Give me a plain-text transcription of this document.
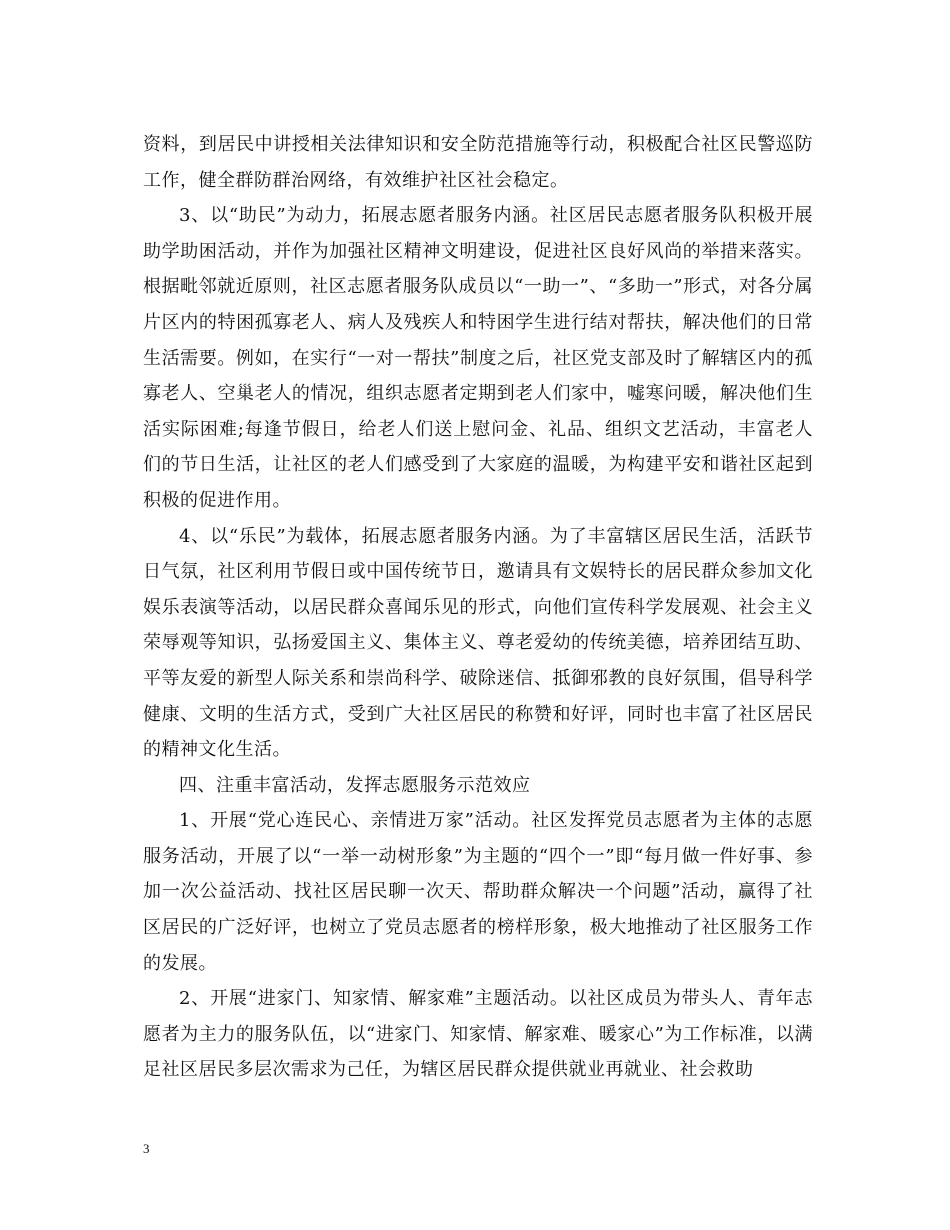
资料，到居民中讲授相关法律知识和安全防范措施等行动，积极配合社区民警巡防工作，健全群防群治网络，有效维护社区社会稳定。

3、以“助民”为动力，拓展志愿者服务内涵。社区居民志愿者服务队积极开展助学助困活动，并作为加强社区精神文明建设，促进社区良好风尚的举措来落实。根据毗邻就近原则，社区志愿者服务队成员以“一助一”、“多助一”形式，对各分属片区内的特困孤寡老人、病人及残疾人和特困学生进行结对帮扶，解决他们的日常生活需要。例如，在实行“一对一帮扶”制度之后，社区党支部及时了解辖区内的孤寡老人、空巢老人的情况，组织志愿者定期到老人们家中，嘘寒问暖，解决他们生活实际困难;每逢节假日，给老人们送上慰问金、礼品、组织文艺活动，丰富老人们的节日生活，让社区的老人们感受到了大家庭的温暖，为构建平安和谐社区起到积极的促进作用。

4、以“乐民”为载体，拓展志愿者服务内涵。为了丰富辖区居民生活，活跃节日气氛，社区利用节假日或中国传统节日，邀请具有文娱特长的居民群众参加文化娱乐表演等活动，以居民群众喜闻乐见的形式，向他们宣传科学发展观、社会主义荣辱观等知识，弘扬爱国主义、集体主义、尊老爱幼的传统美德，培养团结互助、平等友爱的新型人际关系和崇尚科学、破除迷信、抵御邪教的良好氛围，倡导科学健康、文明的生活方式，受到广大社区居民的称赞和好评，同时也丰富了社区居民的精神文化生活。

四、注重丰富活动，发挥志愿服务示范效应

1、开展“党心连民心、亲情进万家”活动。社区发挥党员志愿者为主体的志愿服务活动，开展了以“一举一动树形象”为主题的“四个一”即“每月做一件好事、参加一次公益活动、找社区居民聊一次天、帮助群众解决一个问题”活动，赢得了社区居民的广泛好评，也树立了党员志愿者的榜样形象，极大地推动了社区服务工作的发展。

2、开展“进家门、知家情、解家难”主题活动。以社区成员为带头人、青年志愿者为主力的服务队伍，以“进家门、知家情、解家难、暖家心”为工作标准，以满足社区居民多层次需求为己任，为辖区居民群众提供就业再就业、社会救助

3
